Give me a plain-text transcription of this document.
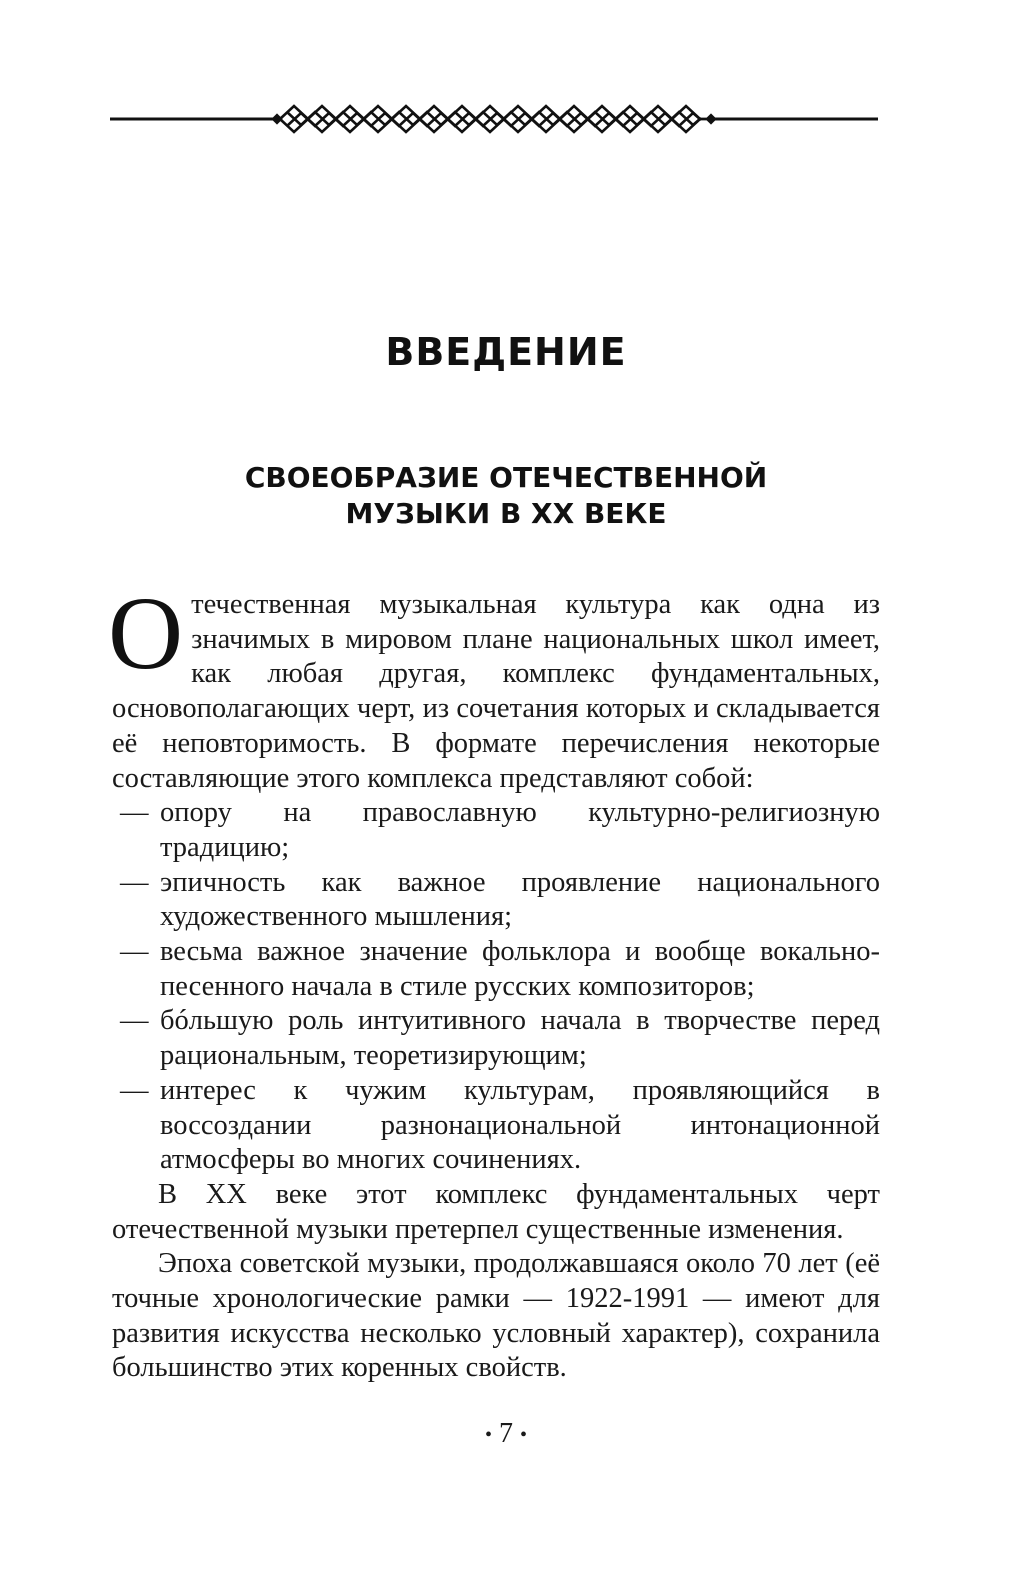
ВВЕДЕНИЕ
СВОЕОБРАЗИЕ ОТЕЧЕСТВЕННОЙ
МУЗЫКИ В XX ВЕКЕ

Отечественная музыкальная культура как одна из значимых в мировом плане национальных школ имеет, как любая другая, комплекс фундаментальных, основополагающих черт, из сочетания которых и складывается её неповторимость. В формате перечисления некоторые составляющие этого комплекса представляют собой:

— опору на православную культурно-религиозную традицию;
— эпичность как важное проявление национального художественного мышления;
— весьма важное значение фольклора и вообще вокально-песенного начала в стиле русских композиторов;
— бóльшую роль интуитивного начала в творчестве перед рациональным, теоретизирующим;
— интерес к чужим культурам, проявляющийся в воссоздании разнонациональной интонационной атмосферы во многих сочинениях.

В XX веке этот комплекс фундаментальных черт отечественной музыки претерпел существенные изменения.

Эпоха советской музыки, продолжавшаяся около 70 лет (её точные хронологические рамки — 1922-1991 — имеют для развития искусства несколько условный характер), сохранила большинство этих коренных свойств.

• 7 •
